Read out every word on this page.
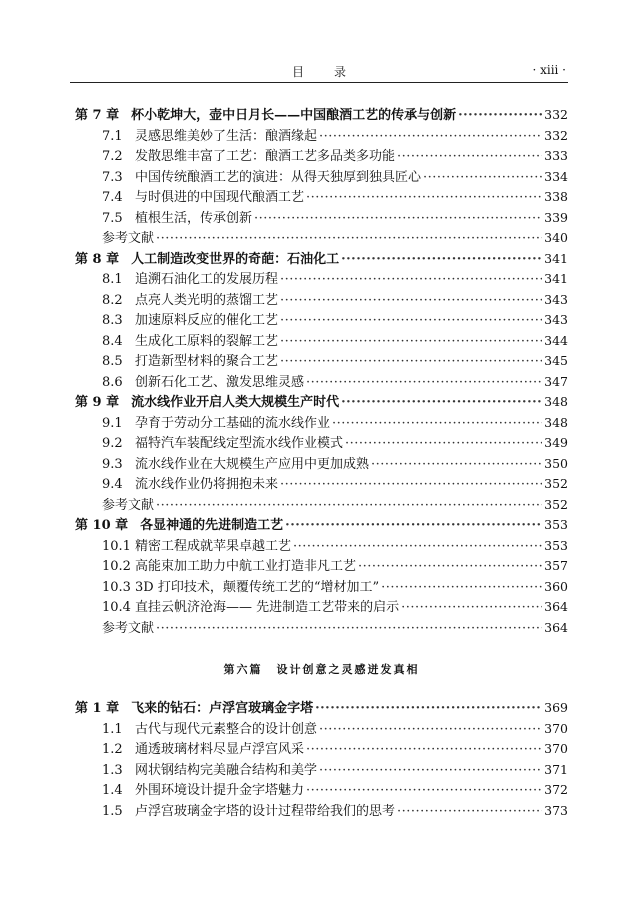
目录	· xiii ·
第 7 章 杯小乾坤大，壶中日月长——中国酿酒工艺的传承与创新 ·····	332
7.1 灵感思维美妙了生活：酿酒缘起 ·····	332
7.2 发散思维丰富了工艺：酿酒工艺多品类多功能 ·····	333
7.3 中国传统酿酒工艺的演进：从得天独厚到独具匠心 ·····	334
7.4 与时俱进的中国现代酿酒工艺 ·····	338
7.5 植根生活，传承创新 ·····	339
参考文献 ·····	340
第 8 章 人工制造改变世界的奇葩：石油化工 ·····	341
8.1 追溯石油化工的发展历程 ·····	341
8.2 点亮人类光明的蒸馏工艺 ·····	343
8.3 加速原料反应的催化工艺 ·····	343
8.4 生成化工原料的裂解工艺 ·····	344
8.5 打造新型材料的聚合工艺 ·····	345
8.6 创新石化工艺、激发思维灵感 ·····	347
第 9 章 流水线作业开启人类大规模生产时代 ·····	348
9.1 孕育于劳动分工基础的流水线作业 ·····	348
9.2 福特汽车装配线定型流水线作业模式 ·····	349
9.3 流水线作业在大规模生产应用中更加成熟 ·····	350
9.4 流水线作业仍将拥抱未来 ·····	352
参考文献 ·····	352
第 10 章 各显神通的先进制造工艺 ·····	353
10.1 精密工程成就苹果卓越工艺 ·····	353
10.2 高能束加工助力中航工业打造非凡工艺 ·····	357
10.3 3D 打印技术，颠覆传统工艺的“增材加工” ·····	360
10.4 直挂云帆济沧海—— 先进制造工艺带来的启示 ·····	364
参考文献 ·····	364
第六篇 设计创意之灵感迸发真相
第 1 章 飞来的钻石：卢浮宫玻璃金字塔 ·····	369
1.1 古代与现代元素整合的设计创意 ·····	370
1.2 通透玻璃材料尽显卢浮宫风采 ·····	370
1.3 网状钢结构完美融合结构和美学 ·····	371
1.4 外围环境设计提升金字塔魅力 ·····	372
1.5 卢浮宫玻璃金字塔的设计过程带给我们的思考 ·····	373
